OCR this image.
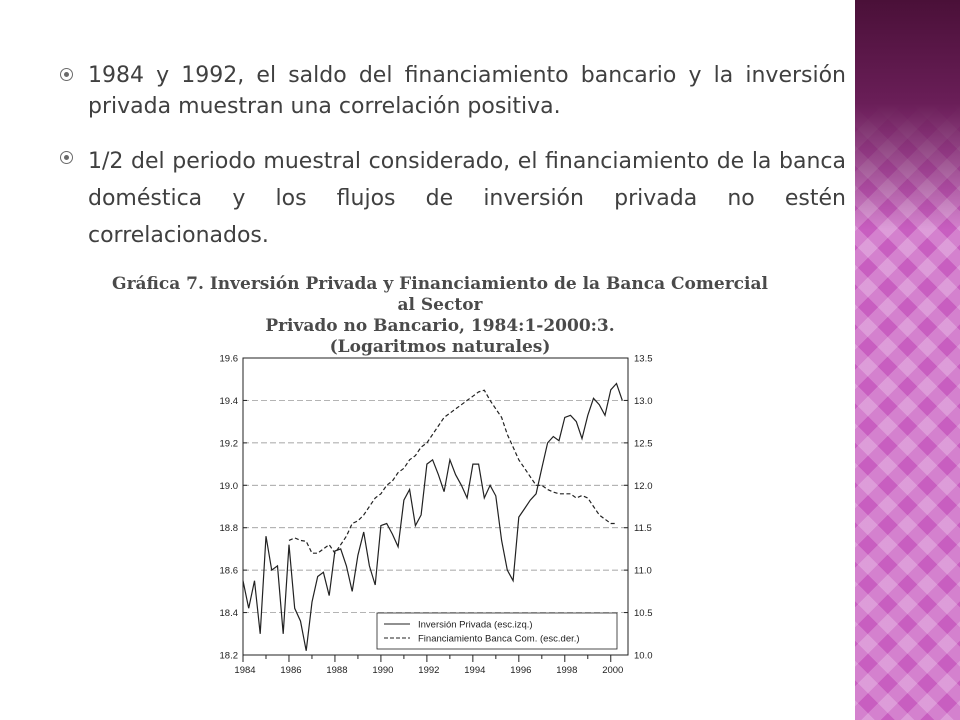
1984 y 1992, el saldo del financiamiento bancario y la inversión privada muestran una correlación positiva.
1/2 del periodo muestral considerado, el financiamiento de la banca doméstica y los flujos de inversión privada no estén correlacionados.
Gráfica 7. Inversión Privada y Financiamiento de la Banca Comercial al Sector
Privado no Bancario, 1984:1-2000:3.
(Logaritmos naturales)
18.2
18.4
18.6
18.8
19.0
19.2
19.4
19.6
10.0
10.5
11.0
11.5
12.0
12.5
13.0
13.5
1984	1986	1988	1990	1992	1994	1996	1998	2000
Inversión Privada (esc.izq.)
Financiamiento Banca Com. (esc.der.)
